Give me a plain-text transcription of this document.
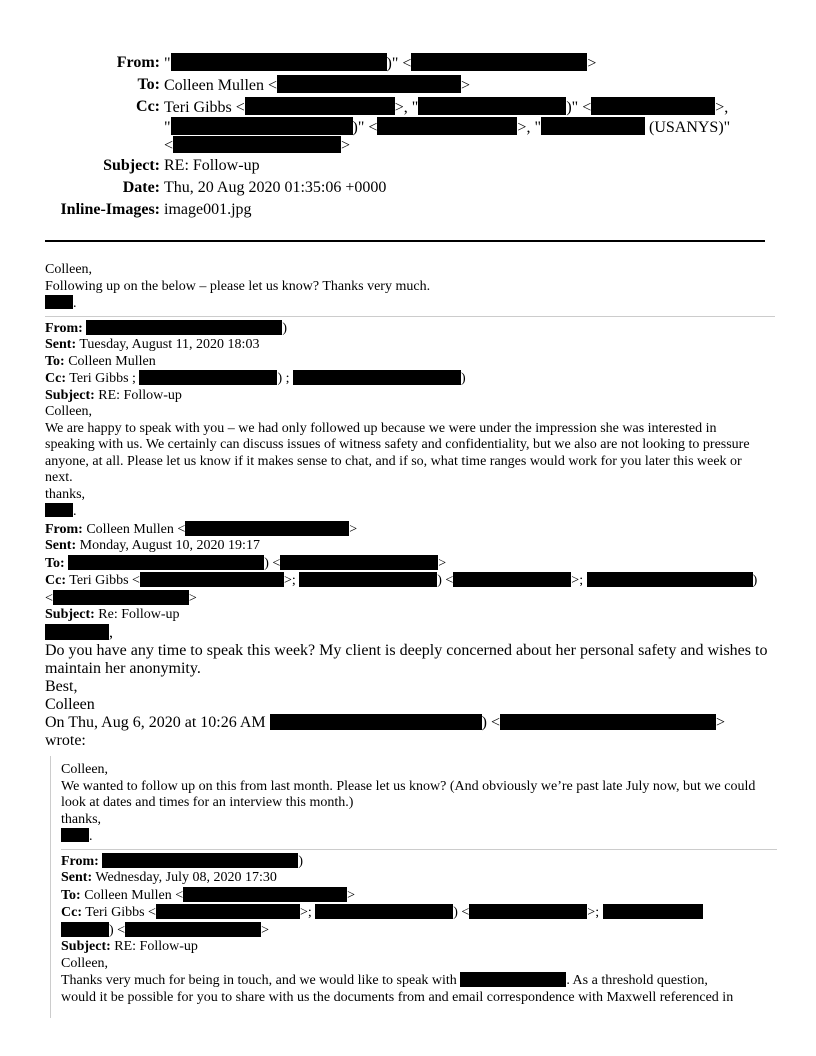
From: "	)" <	>
To: Colleen Mullen <	>
Cc: Teri Gibbs <	>, "	)" <	>,
"	)" <	>, "	(USANYS)"
<	>
Subject: RE: Follow-up
Date: Thu, 20 Aug 2020 01:35:06 +0000
Inline-Images: image001.jpg
Colleen,
Following up on the below – please let us know? Thanks very much.
.
From:	)
Sent: Tuesday, August 11, 2020 18:03
To: Colleen Mullen
Cc: Teri Gibbs ;	) ;	)
Subject: RE: Follow-up
Colleen,
We are happy to speak with you – we had only followed up because we were under the impression she was interested in speaking with us. We certainly can discuss issues of witness safety and confidentiality, but we also are not looking to pressure anyone, at all. Please let us know if it makes sense to chat, and if so, what time ranges would work for you later this week or next.
thanks,
.
From: Colleen Mullen <	>
Sent: Monday, August 10, 2020 19:17
To:	) <	>
Cc: Teri Gibbs <	>;	) <	>;	)
<	>
Subject: Re: Follow-up
,
Do you have any time to speak this week? My client is deeply concerned about her personal safety and wishes to maintain her anonymity.
Best,
Colleen
On Thu, Aug 6, 2020 at 10:26 AM	) <	>
wrote:
Colleen,
We wanted to follow up on this from last month. Please let us know? (And obviously we’re past late July now, but we could look at dates and times for an interview this month.)
thanks,
.
From:	)
Sent: Wednesday, July 08, 2020 17:30
To: Colleen Mullen <	>
Cc: Teri Gibbs <	>;	) <	>;
) <	>
Subject: RE: Follow-up
Colleen,
Thanks very much for being in touch, and we would like to speak with	. As a threshold question,
would it be possible for you to share with us the documents from and email correspondence with Maxwell referenced in
